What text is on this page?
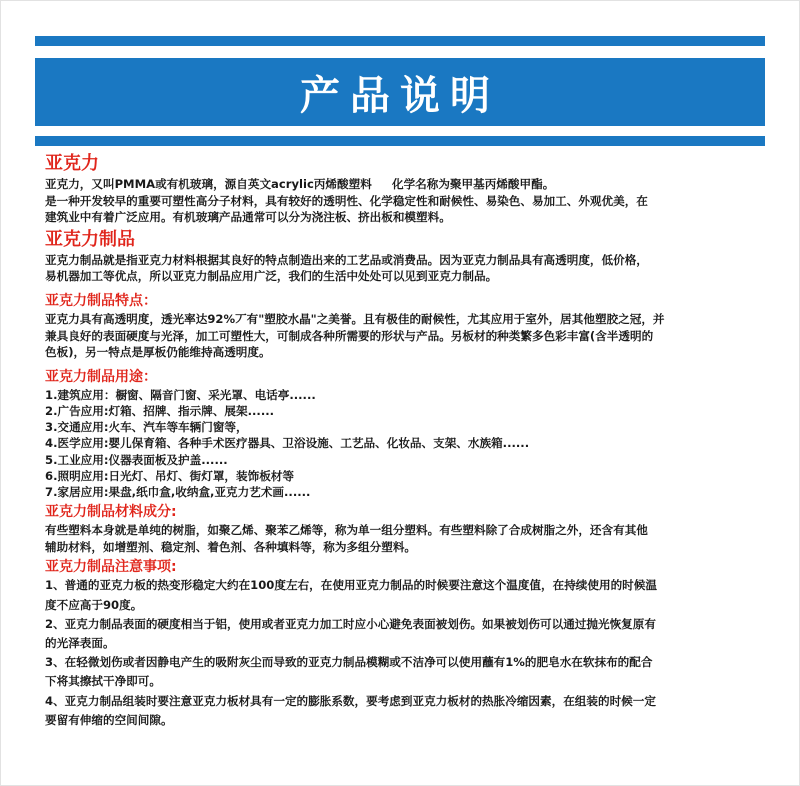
产品说明

亚克力

亚克力，又叫PMMA或有机玻璃，源自英文acrylic丙烯酸塑料     化学名称为聚甲基丙烯酸甲酯。

是一种开发较早的重要可塑性高分子材料，具有较好的透明性、化学稳定性和耐候性、易染色、易加工、外观优美，在

建筑业中有着广泛应用。有机玻璃产品通常可以分为浇注板、挤出板和模塑料。

亚克力制品

亚克力制品就是指亚克力材料根据其良好的特点制造出来的工艺品或消费品。因为亚克力制品具有高透明度，低价格，

易机器加工等优点，所以亚克力制品应用广泛，我们的生活中处处可以见到亚克力制品。

亚克力制品特点：

亚克力具有高透明度，透光率达92%丆有"塑胶水晶"之美誉。且有极佳的耐候性，尤其应用于室外，居其他塑胶之冠，并

兼具良好的表面硬度与光泽，加工可塑性大，可制成各种所需要的形状与产品。另板材的种类繁多色彩丰富(含半透明的

色板)，另一特点是厚板仍能维持高透明度。

亚克力制品用途：

1.建筑应用：橱窗、隔音门窗、采光罩、电话亭......

2.广告应用:灯箱、招牌、指示牌、展架......

3.交通应用:火车、汽车等车辆门窗等，

4.医学应用:婴儿保育箱、各种手术医疗器具、卫浴设施、工艺品、化妆品、支架、水族箱......

5.工业应用:仪器表面板及护盖......

6.照明应用:日光灯、吊灯、街灯罩，装饰板材等

7.家居应用:果盘,纸巾盒,收纳盒,亚克力艺术画......

亚克力制品材料成分:

有些塑料本身就是单纯的树脂，如聚乙烯、聚苯乙烯等，称为单一组分塑料。有些塑料除了合成树脂之外，还含有其他

辅助材料，如增塑剂、稳定剂、着色剂、各种填料等，称为多组分塑料。

亚克力制品注意事项:

1、普通的亚克力板的热变形稳定大约在100度左右，在使用亚克力制品的时候要注意这个温度值，在持续使用的时候温

度不应高于90度。

2、亚克力制品表面的硬度相当于铝，使用或者亚克力加工时应小心避免表面被划伤。如果被划伤可以通过抛光恢复原有

的光泽表面。

3、在轻微划伤或者因静电产生的吸附灰尘而导致的亚克力制品模糊或不洁净可以使用蘸有1%的肥皂水在软抹布的配合

下将其擦拭干净即可。

4、亚克力制品组装时要注意亚克力板材具有一定的膨胀系数，要考虑到亚克力板材的热胀冷缩因素，在组装的时候一定

要留有伸缩的空间间隙。
